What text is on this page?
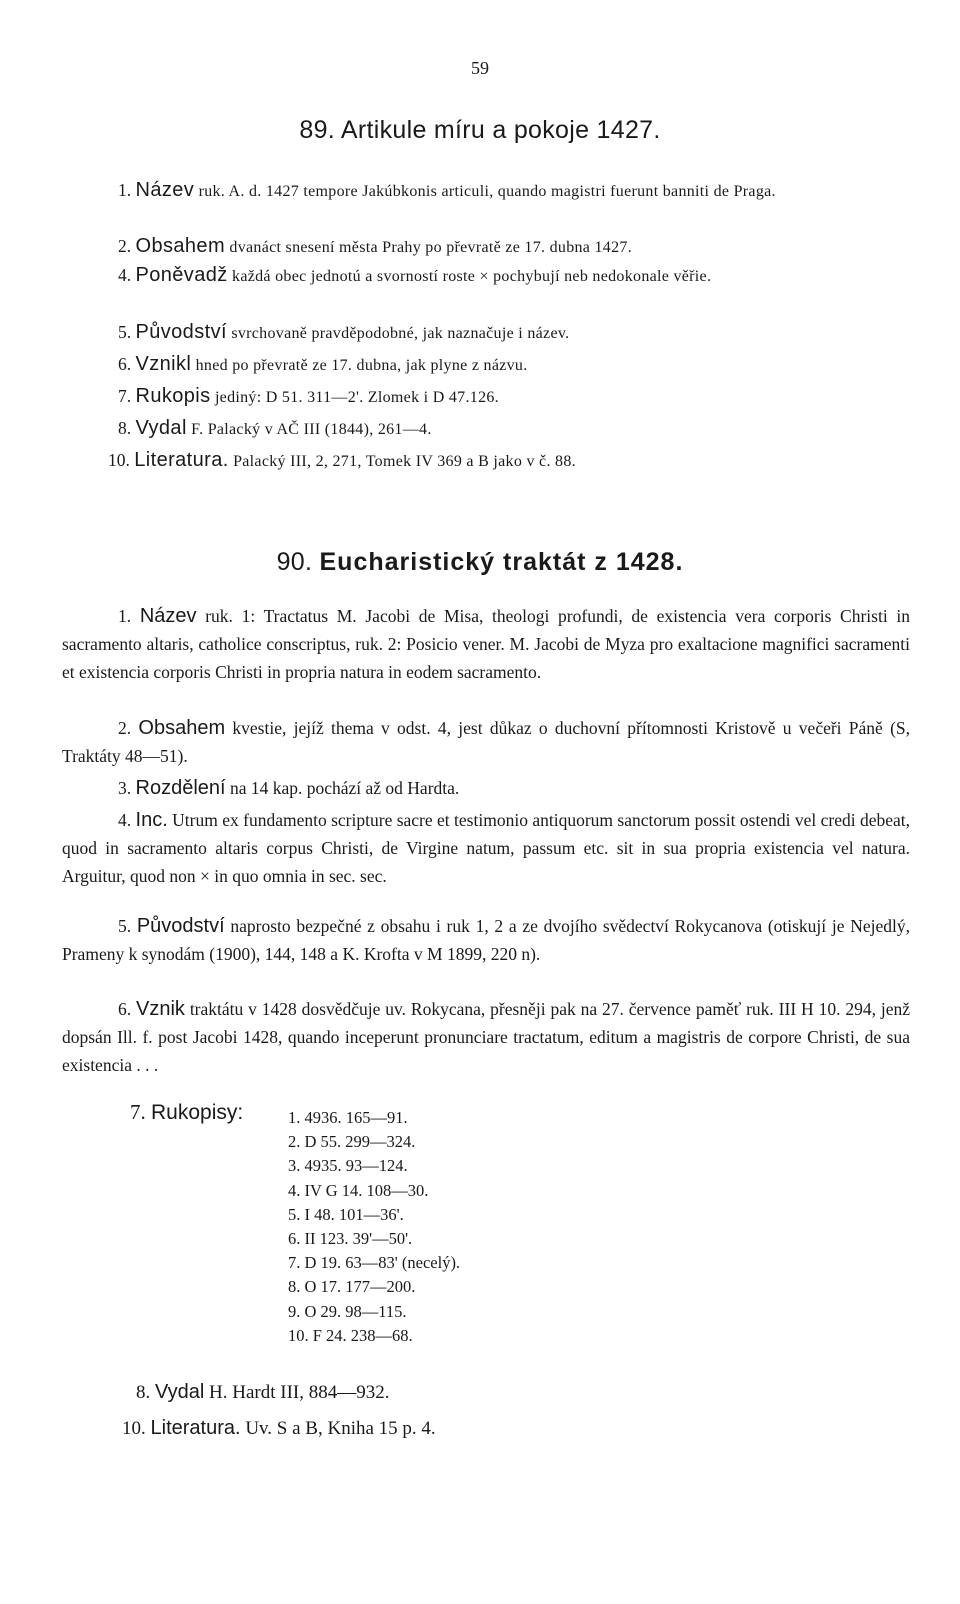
59
89. Artikule míru a pokoje 1427.
1. Název ruk. A. d. 1427 tempore Jakúbkonis articuli, quando magistri fuerunt banniti de Praga.
2. Obsahem dvanáct snesení města Prahy po převratě ze 17. dubna 1427.
4. Poněvadž každá obec jednotú a svorností roste × pochybují neb nedokonale věřie.
5. Původství svrchovaně pravděpodobné, jak naznačuje i název.
6. Vznikl hned po převratě ze 17. dubna, jak plyne z názvu.
7. Rukopis jediný: D 51. 311—2'. Zlomek i D 47.126.
8. Vydal F. Palacký v AČ III (1844), 261—4.
10. Literatura. Palacký III, 2, 271, Tomek IV 369 a B jako v č. 88.
90. Eucharistický traktát z 1428.
1. Název ruk. 1: Tractatus M. Jacobi de Misa, theologi profundi, de existencia vera corporis Christi in sacramento altaris, catholice conscriptus, ruk. 2: Posicio vener. M. Jacobi de Myza pro exaltacione magnifici sacramenti et existencia corporis Christi in propria natura in eodem sacramento.
2. Obsahem kvestie, jejíž thema v odst. 4, jest důkaz o duchovní přítomnosti Kristově u večeři Páně (S, Traktáty 48—51).
3. Rozdělení na 14 kap. pochází až od Hardta.
4. Inc. Utrum ex fundamento scripture sacre et testimonio antiquorum sanctorum possit ostendi vel credi debeat, quod in sacramento altaris corpus Christi, de Virgine natum, passum etc. sit in sua propria existencia vel natura. Arguitur, quod non × in quo omnia in sec. sec.
5. Původství naprosto bezpečné z obsahu i ruk 1, 2 a ze dvojího svědectví Rokycanova (otiskují je Nejedlý, Prameny k synodám (1900), 144, 148 a K. Krofta v M 1899, 220 n).
6. Vznik traktátu v 1428 dosvědčuje uv. Rokycana, přesněji pak na 27. července paměť ruk. III H 10. 294, jenž dopsán Ill. f. post Jacobi 1428, quando inceperunt pronunciare tractatum, editum a magistris de corpore Christi, de sua existencia . . .
7. Rukopisy:	1. 4936. 165—91.
2. D 55. 299—324.
3. 4935. 93—124.
4. IV G 14. 108—30.
5. I 48. 101—36'.
6. II 123. 39'—50'.
7. D 19. 63—83' (necelý).
8. O 17. 177—200.
9. O 29. 98—115.
10. F 24. 238—68.
8. Vydal H. Hardt III, 884—932.
10. Literatura. Uv. S a B, Kniha 15 p. 4.
